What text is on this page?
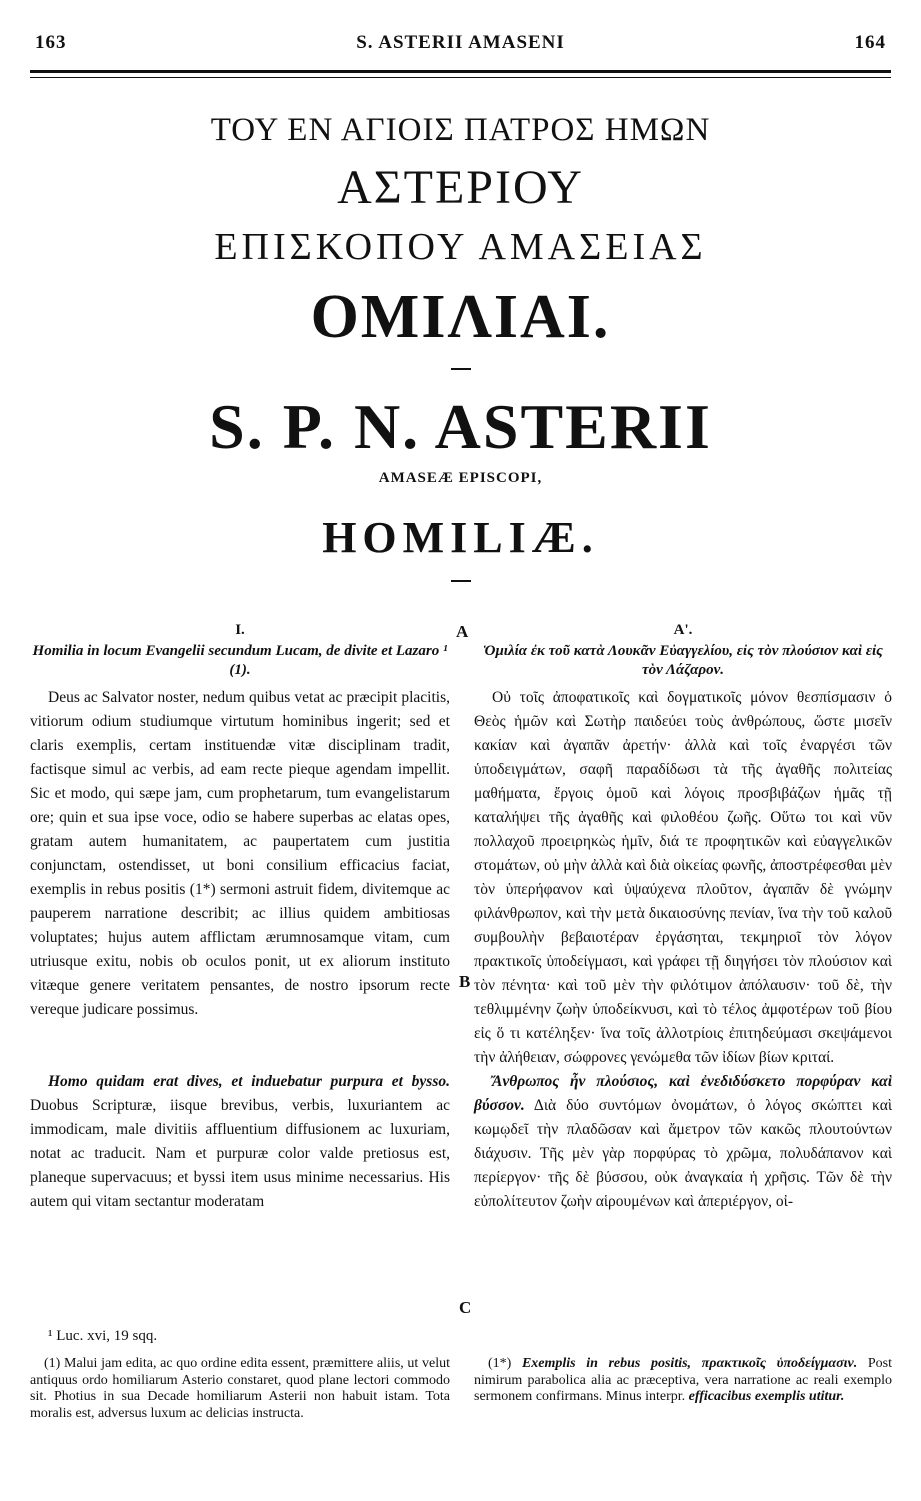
163	S. ASTERII AMASENI	164
ΤΟΥ ΕΝ ΑΓΙΟΙΣ ΠΑΤΡΟΣ ΗΜΩΝ
ΑΣΤΕΡΙΟΥ
ΕΠΙΣΚΟΠΟΥ ΑΜΑΣΕΙΑΣ
ΟΜΙΛΙΑΙ.
S. P. N. ASTERII
AMASEÆ EPISCOPI,
HOMILIÆ.
A
B
C
I.
Homilia in locum Evangelii secundum Lucam, de divite et Lazaro ¹ (1).

Deus ac Salvator noster, nedum quibus vetat ac præcipit placitis, vitiorum odium studiumque virtutum hominibus ingerit; sed et claris exemplis, certam instituendæ vitæ disciplinam tradit, factisque simul ac verbis, ad eam recte pieque agendam impellit. Sic et modo, qui sæpe jam, cum prophetarum, tum evangelistarum ore; quin et sua ipse voce, odio se habere superbas ac elatas opes, gratam autem humanitatem, ac paupertatem cum justitia conjunctam, ostendisset, ut boni consilium efficacius faciat, exemplis in rebus positis (1*) sermoni astruit fidem, divitemque ac pauperem narratione describit; ac illius quidem ambitiosas voluptates; hujus autem afflictam ærumnosamque vitam, cum utriusque exitu, nobis ob oculos ponit, ut ex aliorum instituto vitæque genere veritatem pensantes, de nostro ipsorum recte vereque judicare possimus.

Homo quidam erat dives, et induebatur purpura et bysso. Duobus Scripturæ, iisque brevibus, verbis, luxuriantem ac immodicam, male divitiis affluentium diffusionem ac luxuriam, notat ac traducit. Nam et purpuræ color valde pretiosus est, planeque supervacuus; et byssi item usus minime necessarius. His autem qui vitam sectantur moderatam

Α'.
Ὁμιλία ἐκ τοῦ κατὰ Λουκᾶν Εὐαγγελίου, εἰς τὸν πλούσιον καὶ εἰς τὸν Λάζαρον.

Οὐ τοῖς ἀποφατικοῖς καὶ δογματικοῖς μόνον θεσπίσμασιν ὁ Θεὸς ἡμῶν καὶ Σωτὴρ παιδεύει τοὺς ἀνθρώπους, ὥστε μισεῖν κακίαν καὶ ἀγαπᾶν ἀρετήν· ἀλλὰ καὶ τοῖς ἐναργέσι τῶν ὑποδειγμάτων, σαφῆ παραδίδωσι τὰ τῆς ἀγαθῆς πολιτείας μαθήματα, ἔργοις ὁμοῦ καὶ λόγοις προσβιβάζων ἡμᾶς τῇ καταλήψει τῆς ἀγαθῆς καὶ φιλοθέου ζωῆς. Οὕτω τοι καὶ νῦν πολλαχοῦ προειρηκὼς ἡμῖν, διά τε προφητικῶν καὶ εὐαγγελικῶν στομάτων, οὐ μὴν ἀλλὰ καὶ διὰ οἰκείας φωνῆς, ἀποστρέφεσθαι μὲν τὸν ὑπερήφανον καὶ ὑψαύχενα πλοῦτον, ἀγαπᾶν δὲ γνώμην φιλάνθρωπον, καὶ τὴν μετὰ δικαιοσύνης πενίαν, ἵνα τὴν τοῦ καλοῦ συμβουλὴν βεβαιοτέραν ἐργάσηται, τεκμηριοῖ τὸν λόγον πρακτικοῖς ὑποδείγμασι, καὶ γράφει τῇ διηγήσει τὸν πλούσιον καὶ τὸν πένητα· καὶ τοῦ μὲν τὴν φιλότιμον ἀπόλαυσιν· τοῦ δὲ, τὴν τεθλιμμένην ζωὴν ὑποδείκνυσι, καὶ τὸ τέλος ἀμφοτέρων τοῦ βίου εἰς ὅ τι κατέληξεν· ἵνα τοῖς ἀλλοτρίοις ἐπιτηδεύμασι σκεψάμενοι τὴν ἀλήθειαν, σώφρονες γενώμεθα τῶν ἰδίων βίων κριταί.

Ἄνθρωπος ἦν πλούσιος, καὶ ἐνεδιδύσκετο πορφύραν καὶ βύσσον. Διὰ δύο συντόμων ὀνομάτων, ὁ λόγος σκώπτει καὶ κωμῳδεῖ τὴν πλαδῶσαν καὶ ἄμετρον τῶν κακῶς πλουτούντων διάχυσιν. Τῆς μὲν γὰρ πορφύρας τὸ χρῶμα, πολυδάπανον καὶ περίεργον· τῆς δὲ βύσσου, οὐκ ἀναγκαία ἡ χρῆσις. Τῶν δὲ τὴν εὐπολίτευτον ζωὴν αἱρουμένων καὶ ἀπεριέργον, οἰ-

¹ Luc. xvi, 19 sqq.

(1) Malui jam edita, ac quo ordine edita essent, præmittere aliis, ut velut antiquus ordo homiliarum Asterio constaret, quod plane lectori commodo sit. Photius in sua Decade homiliarum Asterii non habuit istam. Tota moralis est, adversus luxum ac delicias instructa.

(1*) Exemplis in rebus positis, πρακτικοῖς ὑποδείγμασιν. Post nimirum parabolica alia ac præceptiva, vera narratione ac reali exemplo sermonem confirmans. Minus interpr. efficacibus exemplis utitur.
